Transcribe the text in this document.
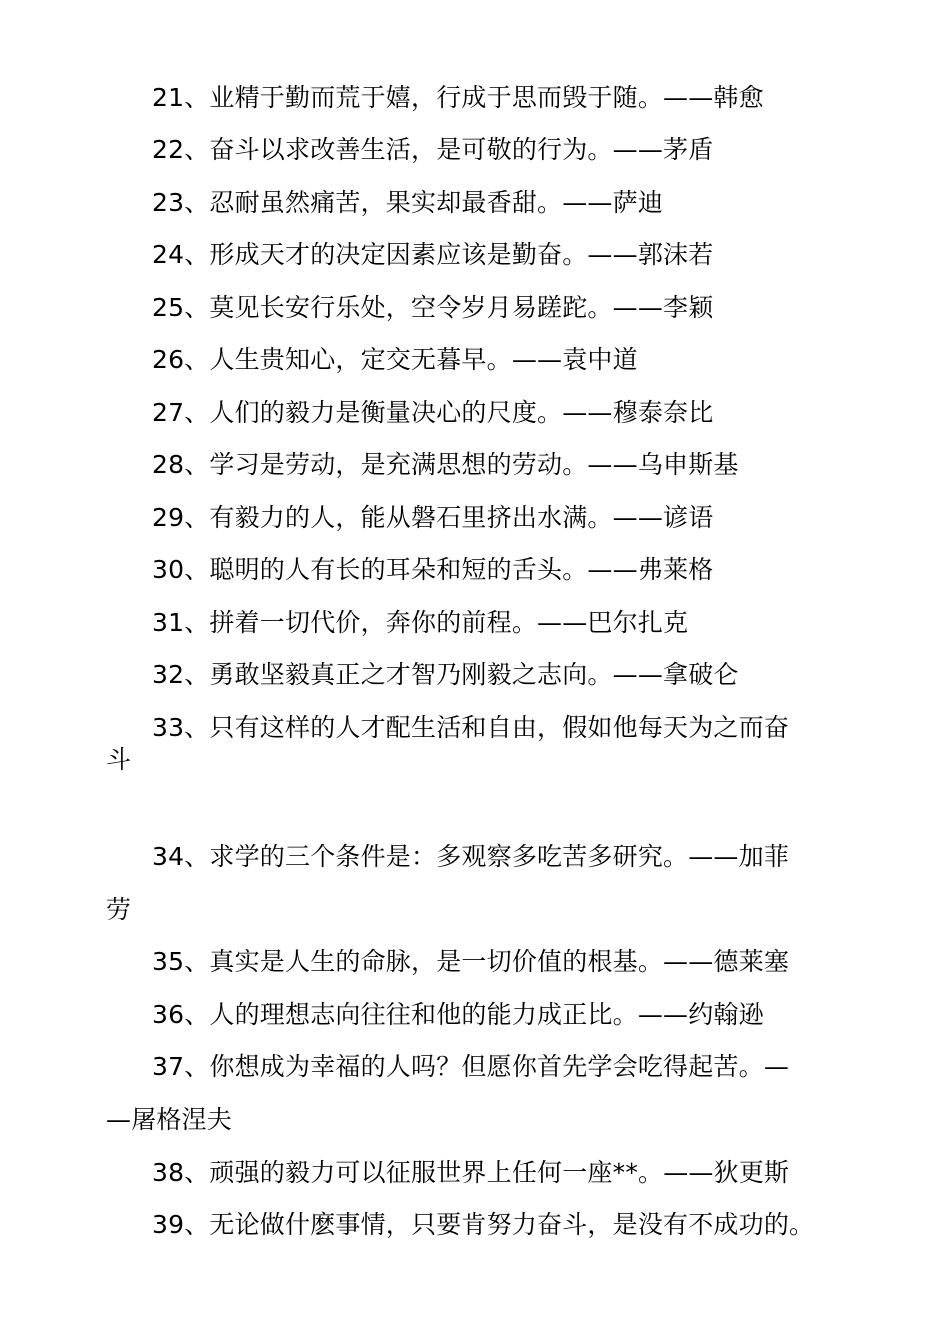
21、业精于勤而荒于嬉，行成于思而毁于随。——韩愈
22、奋斗以求改善生活，是可敬的行为。——茅盾
23、忍耐虽然痛苦，果实却最香甜。——萨迪
24、形成天才的决定因素应该是勤奋。——郭沫若
25、莫见长安行乐处，空令岁月易蹉跎。——李颖
26、人生贵知心，定交无暮早。——袁中道
27、人们的毅力是衡量决心的尺度。——穆泰奈比
28、学习是劳动，是充满思想的劳动。——乌申斯基
29、有毅力的人，能从磐石里挤出水满。——谚语
30、聪明的人有长的耳朵和短的舌头。——弗莱格
31、拼着一切代价，奔你的前程。——巴尔扎克
32、勇敢坚毅真正之才智乃刚毅之志向。——拿破仑
33、只有这样的人才配生活和自由，假如他每天为之而奋
斗
34、求学的三个条件是：多观察多吃苦多研究。——加菲
劳
35、真实是人生的命脉，是一切价值的根基。——德莱塞
36、人的理想志向往往和他的能力成正比。——约翰逊
37、你想成为幸福的人吗？但愿你首先学会吃得起苦。—
—屠格涅夫
38、顽强的毅力可以征服世界上任何一座**。——狄更斯
39、无论做什麽事情，只要肯努力奋斗，是没有不成功的。
